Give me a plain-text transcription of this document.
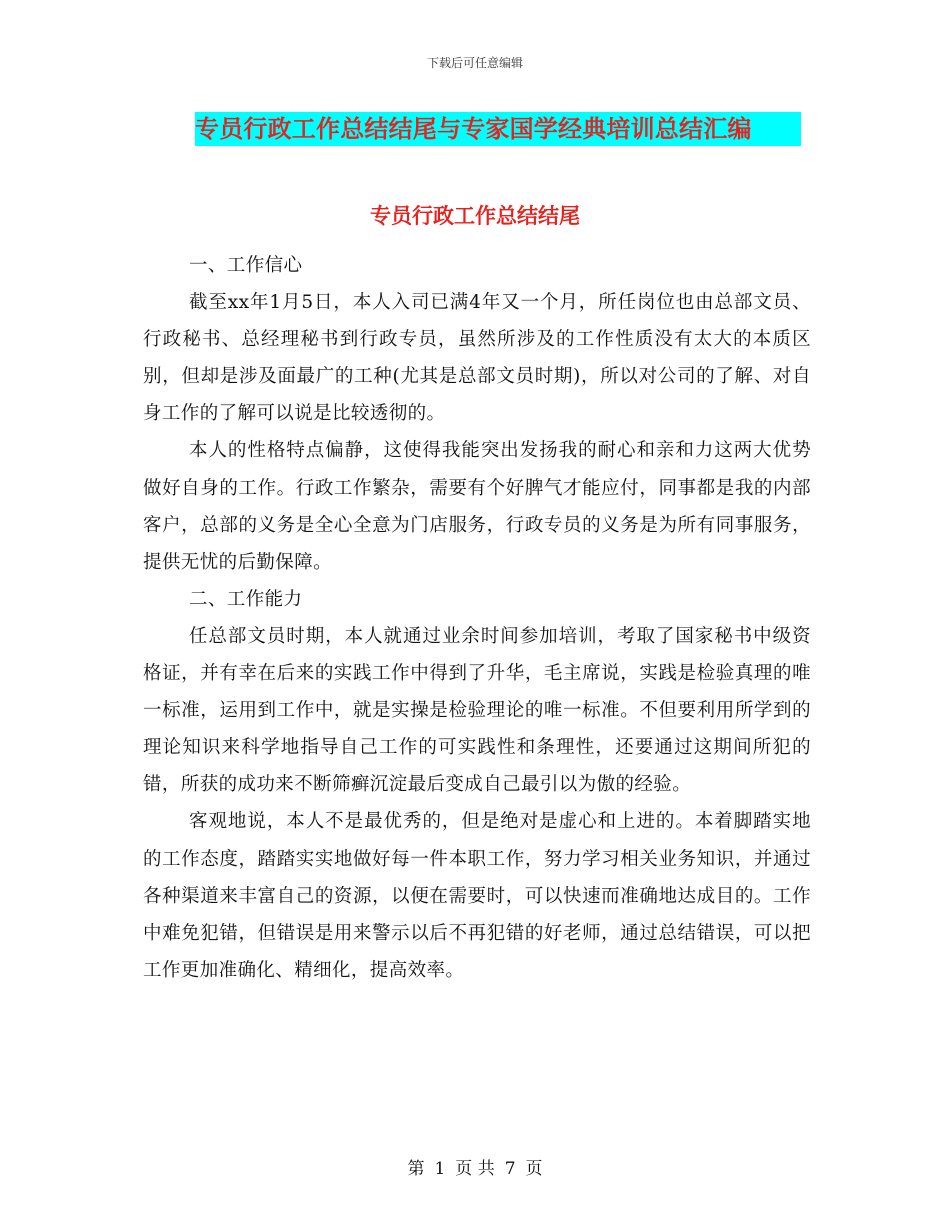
下载后可任意编辑
专员行政工作总结结尾与专家国学经典培训总结汇编
专员行政工作总结结尾

一、工作信心

截至xx年1月5日，本人入司已满4年又一个月，所任岗位也由总部文员、行政秘书、总经理秘书到行政专员，虽然所涉及的工作性质没有太大的本质区别，但却是涉及面最广的工种(尤其是总部文员时期)，所以对公司的了解、对自身工作的了解可以说是比较透彻的。

本人的性格特点偏静，这使得我能突出发扬我的耐心和亲和力这两大优势做好自身的工作。行政工作繁杂，需要有个好脾气才能应付，同事都是我的内部客户，总部的义务是全心全意为门店服务，行政专员的义务是为所有同事服务，提供无忧的后勤保障。

二、工作能力

任总部文员时期，本人就通过业余时间参加培训，考取了国家秘书中级资格证，并有幸在后来的实践工作中得到了升华，毛主席说，实践是检验真理的唯一标准，运用到工作中，就是实操是检验理论的唯一标准。不但要利用所学到的理论知识来科学地指导自己工作的可实践性和条理性，还要通过这期间所犯的错，所获的成功来不断筛癣沉淀最后变成自己最引以为傲的经验。

客观地说，本人不是最优秀的，但是绝对是虚心和上进的。本着脚踏实地的工作态度，踏踏实实地做好每一件本职工作，努力学习相关业务知识，并通过各种渠道来丰富自己的资源，以便在需要时，可以快速而准确地达成目的。工作中难免犯错，但错误是用来警示以后不再犯错的好老师，通过总结错误，可以把工作更加准确化、精细化，提高效率。

第 1 页 共 7 页
